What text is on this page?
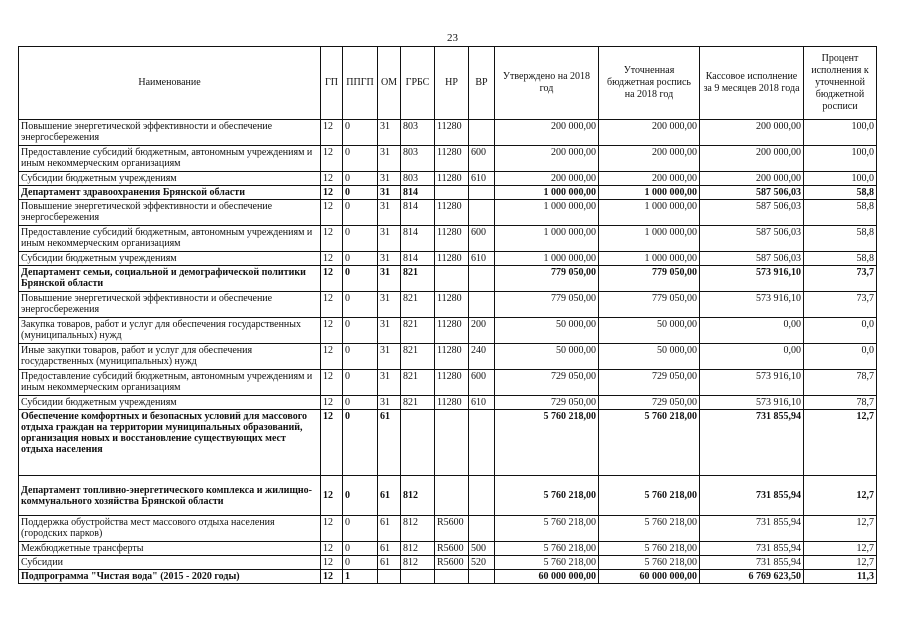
23
Наименование	ГП	ППГП	ОМ	ГРБС	НР	ВР	Утверждено на 2018 год	Уточненная бюджетная роспись на 2018 год	Кассовое исполнение за 9 месяцев 2018 года	Процент исполнения к уточненной бюджетной росписи
Повышение энергетической эффективности и обеспечение энергосбережения	12	0	31	803	11280		200 000,00	200 000,00	200 000,00	100,0
Предоставление субсидий бюджетным, автономным учреждениям и иным некоммерческим организациям	12	0	31	803	11280	600	200 000,00	200 000,00	200 000,00	100,0
Субсидии бюджетным учреждениям	12	0	31	803	11280	610	200 000,00	200 000,00	200 000,00	100,0
Департамент здравоохранения Брянской области	12	0	31	814			1 000 000,00	1 000 000,00	587 506,03	58,8
Повышение энергетической эффективности и обеспечение энергосбережения	12	0	31	814	11280		1 000 000,00	1 000 000,00	587 506,03	58,8
Предоставление субсидий бюджетным, автономным учреждениям и иным некоммерческим организациям	12	0	31	814	11280	600	1 000 000,00	1 000 000,00	587 506,03	58,8
Субсидии бюджетным учреждениям	12	0	31	814	11280	610	1 000 000,00	1 000 000,00	587 506,03	58,8
Департамент семьи, социальной и демографической политики Брянской области	12	0	31	821			779 050,00	779 050,00	573 916,10	73,7
Повышение энергетической эффективности и обеспечение энергосбережения	12	0	31	821	11280		779 050,00	779 050,00	573 916,10	73,7
Закупка товаров, работ и услуг для обеспечения государственных (муниципальных) нужд	12	0	31	821	11280	200	50 000,00	50 000,00	0,00	0,0
Иные закупки товаров, работ и услуг для обеспечения государственных (муниципальных) нужд	12	0	31	821	11280	240	50 000,00	50 000,00	0,00	0,0
Предоставление субсидий бюджетным, автономным учреждениям и иным некоммерческим организациям	12	0	31	821	11280	600	729 050,00	729 050,00	573 916,10	78,7
Субсидии бюджетным учреждениям	12	0	31	821	11280	610	729 050,00	729 050,00	573 916,10	78,7
Обеспечение комфортных и безопасных условий для массового отдыха граждан на территории муниципальных образований, организация новых и восстановление существующих мест отдыха населения	12	0	61				5 760 218,00	5 760 218,00	731 855,94	12,7
Департамент топливно-энергетического комплекса и жилищно-коммунального хозяйства Брянской области	12	0	61	812			5 760 218,00	5 760 218,00	731 855,94	12,7
Поддержка обустройства мест массового отдыха населения (городских парков)	12	0	61	812	R5600		5 760 218,00	5 760 218,00	731 855,94	12,7
Межбюджетные трансферты	12	0	61	812	R5600	500	5 760 218,00	5 760 218,00	731 855,94	12,7
Субсидии	12	0	61	812	R5600	520	5 760 218,00	5 760 218,00	731 855,94	12,7
Подпрограмма "Чистая вода" (2015 - 2020 годы)	12	1					60 000 000,00	60 000 000,00	6 769 623,50	11,3
